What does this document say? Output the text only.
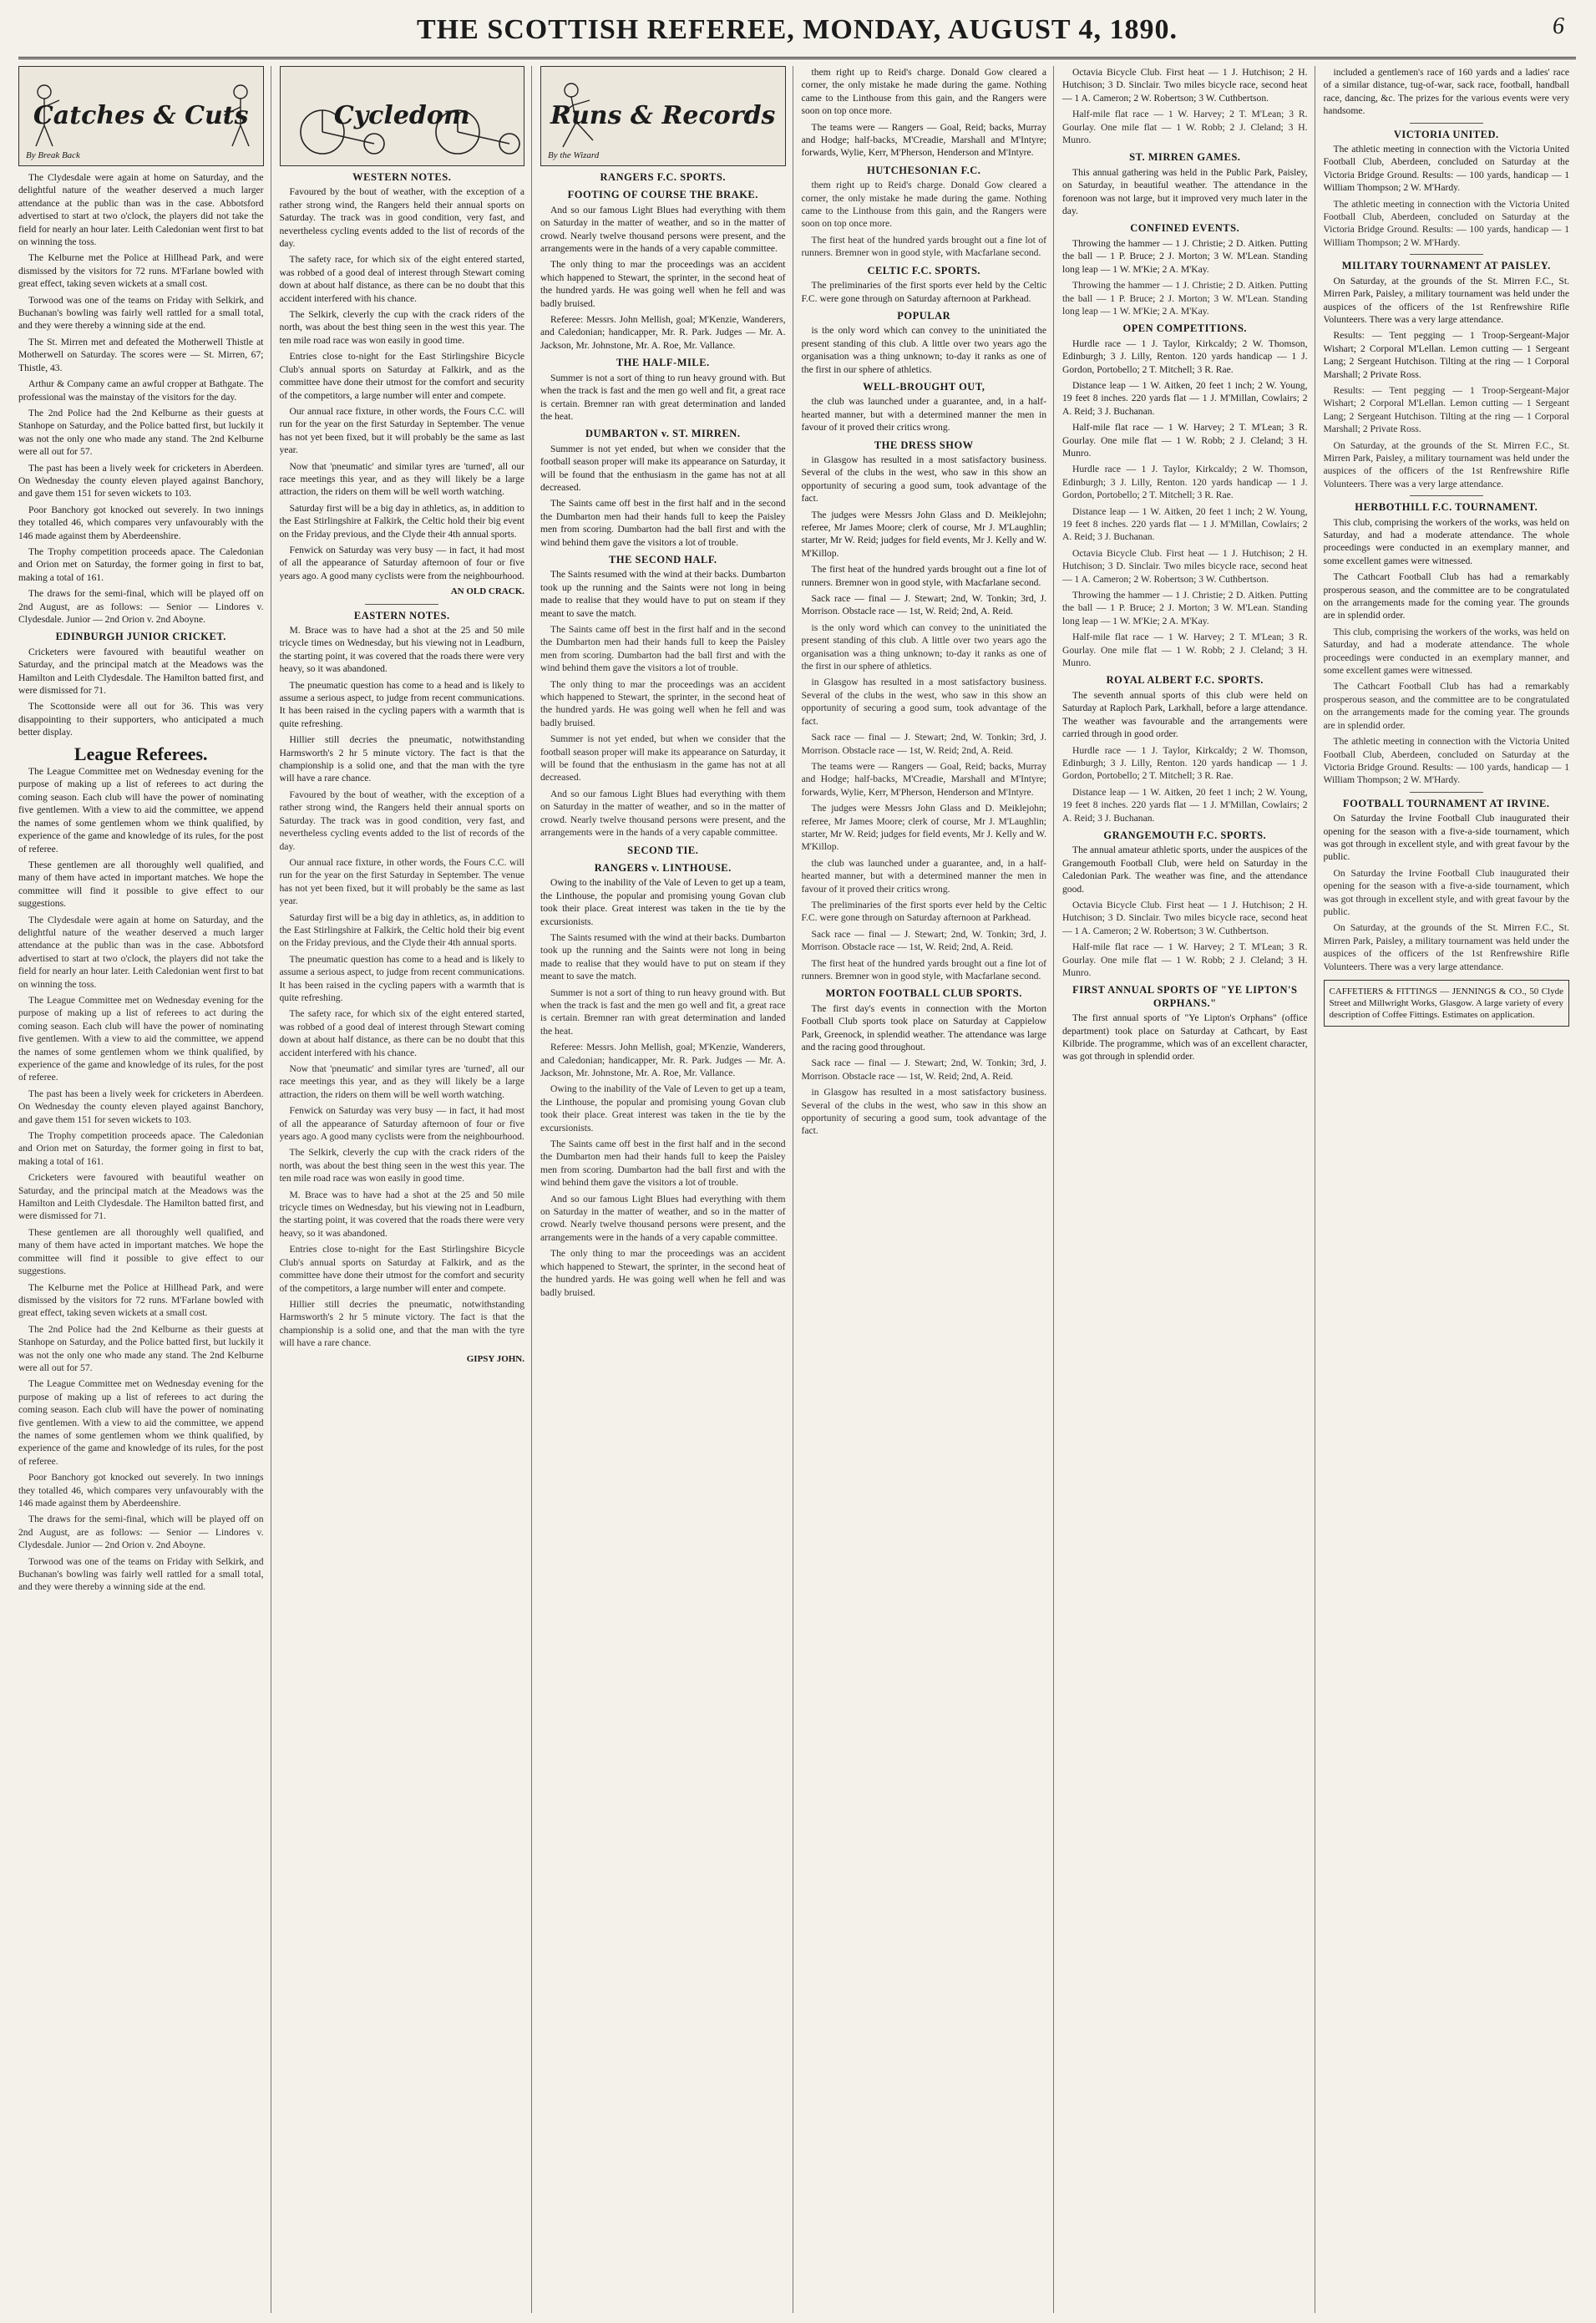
THE SCOTTISH REFEREE, MONDAY, AUGUST 4, 1890.	6
Catches & Cuts
By Break Back

The Clydesdale were again at home on Saturday, and the delightful nature of the weather deserved a much larger attendance at the public than was in the case. Abbotsford advertised to start at two o'clock, the players did not take the field for nearly an hour later. Leith Caledonian went first to bat on winning the toss.

The Kelburne met the Police at Hillhead Park, and were dismissed by the visitors for 72 runs. M'Farlane bowled with great effect, taking seven wickets at a small cost.

Torwood was one of the teams on Friday with Selkirk, and Buchanan's bowling was fairly well rattled for a small total, and they were thereby a winning side at the end.

The St. Mirren met and defeated the Motherwell Thistle at Motherwell on Saturday. The scores were — St. Mirren, 67; Thistle, 43.

Arthur & Company came an awful cropper at Bathgate. The professional was the mainstay of the visitors for the day.

The 2nd Police had the 2nd Kelburne as their guests at Stanhope on Saturday, and the Police batted first, but luckily it was not the only one who made any stand. The 2nd Kelburne were all out for 57.

The past has been a lively week for cricketers in Aberdeen. On Wednesday the county eleven played against Banchory, and gave them 151 for seven wickets to 103.

Poor Banchory got knocked out severely. In two innings they totalled 46, which compares very unfavourably with the 146 made against them by Aberdeenshire.

The Trophy competition proceeds apace. The Caledonian and Orion met on Saturday, the former going in first to bat, making a total of 161.

The draws for the semi-final, which will be played off on 2nd August, are as follows: — Senior — Lindores v. Clydesdale. Junior — 2nd Orion v. 2nd Aboyne.

EDINBURGH JUNIOR CRICKET.

Cricketers were favoured with beautiful weather on Saturday, and the principal match at the Meadows was the Hamilton and Leith Clydesdale. The Hamilton batted first, and were dismissed for 71.

The Scottonside were all out for 36. This was very disappointing to their supporters, who anticipated a much better display.

League Referees.

The League Committee met on Wednesday evening for the purpose of making up a list of referees to act during the coming season. Each club will have the power of nominating five gentlemen. With a view to aid the committee, we append the names of some gentlemen whom we think qualified, by experience of the game and knowledge of its rules, for the post of referee.

These gentlemen are all thoroughly well qualified, and many of them have acted in important matches. We hope the committee will find it possible to give effect to our suggestions.

The Clydesdale were again at home on Saturday, and the delightful nature of the weather deserved a much larger attendance at the public than was in the case. Abbotsford advertised to start at two o'clock, the players did not take the field for nearly an hour later. Leith Caledonian went first to bat on winning the toss.

The League Committee met on Wednesday evening for the purpose of making up a list of referees to act during the coming season. Each club will have the power of nominating five gentlemen. With a view to aid the committee, we append the names of some gentlemen whom we think qualified, by experience of the game and knowledge of its rules, for the post of referee.

The past has been a lively week for cricketers in Aberdeen. On Wednesday the county eleven played against Banchory, and gave them 151 for seven wickets to 103.

The Trophy competition proceeds apace. The Caledonian and Orion met on Saturday, the former going in first to bat, making a total of 161.

Cricketers were favoured with beautiful weather on Saturday, and the principal match at the Meadows was the Hamilton and Leith Clydesdale. The Hamilton batted first, and were dismissed for 71.

These gentlemen are all thoroughly well qualified, and many of them have acted in important matches. We hope the committee will find it possible to give effect to our suggestions.

The Kelburne met the Police at Hillhead Park, and were dismissed by the visitors for 72 runs. M'Farlane bowled with great effect, taking seven wickets at a small cost.

The 2nd Police had the 2nd Kelburne as their guests at Stanhope on Saturday, and the Police batted first, but luckily it was not the only one who made any stand. The 2nd Kelburne were all out for 57.

The League Committee met on Wednesday evening for the purpose of making up a list of referees to act during the coming season. Each club will have the power of nominating five gentlemen. With a view to aid the committee, we append the names of some gentlemen whom we think qualified, by experience of the game and knowledge of its rules, for the post of referee.

Poor Banchory got knocked out severely. In two innings they totalled 46, which compares very unfavourably with the 146 made against them by Aberdeenshire.

The draws for the semi-final, which will be played off on 2nd August, are as follows: — Senior — Lindores v. Clydesdale. Junior — 2nd Orion v. 2nd Aboyne.

Torwood was one of the teams on Friday with Selkirk, and Buchanan's bowling was fairly well rattled for a small total, and they were thereby a winning side at the end.

Cycledom
WESTERN NOTES.

Favoured by the bout of weather, with the exception of a rather strong wind, the Rangers held their annual sports on Saturday. The track was in good condition, very fast, and nevertheless cycling events added to the list of records of the day.

The safety race, for which six of the eight entered started, was robbed of a good deal of interest through Stewart coming down at about half distance, as there can be no doubt that this accident interfered with his chance.

The Selkirk, cleverly the cup with the crack riders of the north, was about the best thing seen in the west this year. The ten mile road race was won easily in good time.

Entries close to-night for the East Stirlingshire Bicycle Club's annual sports on Saturday at Falkirk, and as the committee have done their utmost for the comfort and security of the competitors, a large number will enter and compete.

Our annual race fixture, in other words, the Fours C.C. will run for the year on the first Saturday in September. The venue has not yet been fixed, but it will probably be the same as last year.

Now that 'pneumatic' and similar tyres are 'turned', all our race meetings this year, and as they will likely be a large attraction, the riders on them will be well worth watching.

Saturday first will be a big day in athletics, as, in addition to the East Stirlingshire at Falkirk, the Celtic hold their big event on the Friday previous, and the Clyde their 4th annual sports.

Fenwick on Saturday was very busy — in fact, it had most of all the appearance of Saturday afternoon of four or five years ago. A good many cyclists were from the neighbourhood.

AN OLD CRACK.
EASTERN NOTES.

M. Brace was to have had a shot at the 25 and 50 mile tricycle times on Wednesday, but his viewing not in Leadburn, the starting point, it was covered that the roads there were very heavy, so it was abandoned.

The pneumatic question has come to a head and is likely to assume a serious aspect, to judge from recent communications. It has been raised in the cycling papers with a warmth that is quite refreshing.

Hillier still decries the pneumatic, notwithstanding Harmsworth's 2 hr 5 minute victory. The fact is that the championship is a solid one, and that the man with the tyre will have a rare chance.

Favoured by the bout of weather, with the exception of a rather strong wind, the Rangers held their annual sports on Saturday. The track was in good condition, very fast, and nevertheless cycling events added to the list of records of the day.

Our annual race fixture, in other words, the Fours C.C. will run for the year on the first Saturday in September. The venue has not yet been fixed, but it will probably be the same as last year.

Saturday first will be a big day in athletics, as, in addition to the East Stirlingshire at Falkirk, the Celtic hold their big event on the Friday previous, and the Clyde their 4th annual sports.

The pneumatic question has come to a head and is likely to assume a serious aspect, to judge from recent communications. It has been raised in the cycling papers with a warmth that is quite refreshing.

The safety race, for which six of the eight entered started, was robbed of a good deal of interest through Stewart coming down at about half distance, as there can be no doubt that this accident interfered with his chance.

Now that 'pneumatic' and similar tyres are 'turned', all our race meetings this year, and as they will likely be a large attraction, the riders on them will be well worth watching.

Fenwick on Saturday was very busy — in fact, it had most of all the appearance of Saturday afternoon of four or five years ago. A good many cyclists were from the neighbourhood.

The Selkirk, cleverly the cup with the crack riders of the north, was about the best thing seen in the west this year. The ten mile road race was won easily in good time.

M. Brace was to have had a shot at the 25 and 50 mile tricycle times on Wednesday, but his viewing not in Leadburn, the starting point, it was covered that the roads there were very heavy, so it was abandoned.

Entries close to-night for the East Stirlingshire Bicycle Club's annual sports on Saturday at Falkirk, and as the committee have done their utmost for the comfort and security of the competitors, a large number will enter and compete.

Hillier still decries the pneumatic, notwithstanding Harmsworth's 2 hr 5 minute victory. The fact is that the championship is a solid one, and that the man with the tyre will have a rare chance.

GIPSY JOHN.
Runs & Records
By the Wizard
RANGERS F.C. SPORTS.
FOOTING OF COURSE THE BRAKE.

And so our famous Light Blues had everything with them on Saturday in the matter of weather, and so in the matter of crowd. Nearly twelve thousand persons were present, and the arrangements were in the hands of a very capable committee.

The only thing to mar the proceedings was an accident which happened to Stewart, the sprinter, in the second heat of the hundred yards. He was going well when he fell and was badly bruised.

Referee: Messrs. John Mellish, goal; M'Kenzie, Wanderers, and Caledonian; handicapper, Mr. R. Park. Judges — Mr. A. Jackson, Mr. Johnstone, Mr. A. Roe, Mr. Vallance.

THE HALF-MILE.

Summer is not a sort of thing to run heavy ground with. But when the track is fast and the men go well and fit, a great race is certain. Bremner ran with great determination and landed the heat.

DUMBARTON v. ST. MIRREN.

Summer is not yet ended, but when we consider that the football season proper will make its appearance on Saturday, it will be found that the enthusiasm in the game has not at all decreased.

The Saints came off best in the first half and in the second the Dumbarton men had their hands full to keep the Paisley men from scoring. Dumbarton had the ball first and with the wind behind them gave the visitors a lot of trouble.

THE SECOND HALF.

The Saints resumed with the wind at their backs. Dumbarton took up the running and the Saints were not long in being made to realise that they would have to put on steam if they meant to save the match.

The Saints came off best in the first half and in the second the Dumbarton men had their hands full to keep the Paisley men from scoring. Dumbarton had the ball first and with the wind behind them gave the visitors a lot of trouble.

The only thing to mar the proceedings was an accident which happened to Stewart, the sprinter, in the second heat of the hundred yards. He was going well when he fell and was badly bruised.

Summer is not yet ended, but when we consider that the football season proper will make its appearance on Saturday, it will be found that the enthusiasm in the game has not at all decreased.

And so our famous Light Blues had everything with them on Saturday in the matter of weather, and so in the matter of crowd. Nearly twelve thousand persons were present, and the arrangements were in the hands of a very capable committee.

SECOND TIE.
RANGERS v. LINTHOUSE.

Owing to the inability of the Vale of Leven to get up a team, the Linthouse, the popular and promising young Govan club took their place. Great interest was taken in the tie by the excursionists.

The Saints resumed with the wind at their backs. Dumbarton took up the running and the Saints were not long in being made to realise that they would have to put on steam if they meant to save the match.

Summer is not a sort of thing to run heavy ground with. But when the track is fast and the men go well and fit, a great race is certain. Bremner ran with great determination and landed the heat.

Referee: Messrs. John Mellish, goal; M'Kenzie, Wanderers, and Caledonian; handicapper, Mr. R. Park. Judges — Mr. A. Jackson, Mr. Johnstone, Mr. A. Roe, Mr. Vallance.

Owing to the inability of the Vale of Leven to get up a team, the Linthouse, the popular and promising young Govan club took their place. Great interest was taken in the tie by the excursionists.

The Saints came off best in the first half and in the second the Dumbarton men had their hands full to keep the Paisley men from scoring. Dumbarton had the ball first and with the wind behind them gave the visitors a lot of trouble.

And so our famous Light Blues had everything with them on Saturday in the matter of weather, and so in the matter of crowd. Nearly twelve thousand persons were present, and the arrangements were in the hands of a very capable committee.

The only thing to mar the proceedings was an accident which happened to Stewart, the sprinter, in the second heat of the hundred yards. He was going well when he fell and was badly bruised.

them right up to Reid's charge. Donald Gow cleared a corner, the only mistake he made during the game. Nothing came to the Linthouse from this gain, and the Rangers were soon on top once more.

The teams were — Rangers — Goal, Reid; backs, Murray and Hodge; half-backs, M'Creadie, Marshall and M'Intyre; forwards, Wylie, Kerr, M'Pherson, Henderson and M'Intyre.

HUTCHESONIAN F.C.

them right up to Reid's charge. Donald Gow cleared a corner, the only mistake he made during the game. Nothing came to the Linthouse from this gain, and the Rangers were soon on top once more.

The first heat of the hundred yards brought out a fine lot of runners. Bremner won in good style, with Macfarlane second.

CELTIC F.C. SPORTS.

The preliminaries of the first sports ever held by the Celtic F.C. were gone through on Saturday afternoon at Parkhead.

POPULAR

is the only word which can convey to the uninitiated the present standing of this club. A little over two years ago the organisation was a thing unknown; to-day it ranks as one of the first in our sphere of athletics.

WELL-BROUGHT OUT,

the club was launched under a guarantee, and, in a half-hearted manner, but with a determined manner the men in favour of it proved their critics wrong.

THE DRESS SHOW

in Glasgow has resulted in a most satisfactory business. Several of the clubs in the west, who saw in this show an opportunity of securing a good sum, took advantage of the fact.

The judges were Messrs John Glass and D. Meiklejohn; referee, Mr James Moore; clerk of course, Mr J. M'Laughlin; starter, Mr W. Reid; judges for field events, Mr J. Kelly and W. M'Killop.

The first heat of the hundred yards brought out a fine lot of runners. Bremner won in good style, with Macfarlane second.

Sack race — final — J. Stewart; 2nd, W. Tonkin; 3rd, J. Morrison. Obstacle race — 1st, W. Reid; 2nd, A. Reid.

is the only word which can convey to the uninitiated the present standing of this club. A little over two years ago the organisation was a thing unknown; to-day it ranks as one of the first in our sphere of athletics.

in Glasgow has resulted in a most satisfactory business. Several of the clubs in the west, who saw in this show an opportunity of securing a good sum, took advantage of the fact.

Sack race — final — J. Stewart; 2nd, W. Tonkin; 3rd, J. Morrison. Obstacle race — 1st, W. Reid; 2nd, A. Reid.

The teams were — Rangers — Goal, Reid; backs, Murray and Hodge; half-backs, M'Creadie, Marshall and M'Intyre; forwards, Wylie, Kerr, M'Pherson, Henderson and M'Intyre.

The judges were Messrs John Glass and D. Meiklejohn; referee, Mr James Moore; clerk of course, Mr J. M'Laughlin; starter, Mr W. Reid; judges for field events, Mr J. Kelly and W. M'Killop.

the club was launched under a guarantee, and, in a half-hearted manner, but with a determined manner the men in favour of it proved their critics wrong.

The preliminaries of the first sports ever held by the Celtic F.C. were gone through on Saturday afternoon at Parkhead.

Sack race — final — J. Stewart; 2nd, W. Tonkin; 3rd, J. Morrison. Obstacle race — 1st, W. Reid; 2nd, A. Reid.

The first heat of the hundred yards brought out a fine lot of runners. Bremner won in good style, with Macfarlane second.

MORTON FOOTBALL CLUB SPORTS.

The first day's events in connection with the Morton Football Club sports took place on Saturday at Cappielow Park, Greenock, in splendid weather. The attendance was large and the racing good throughout.

Sack race — final — J. Stewart; 2nd, W. Tonkin; 3rd, J. Morrison. Obstacle race — 1st, W. Reid; 2nd, A. Reid.

in Glasgow has resulted in a most satisfactory business. Several of the clubs in the west, who saw in this show an opportunity of securing a good sum, took advantage of the fact.

Octavia Bicycle Club. First heat — 1 J. Hutchison; 2 H. Hutchison; 3 D. Sinclair. Two miles bicycle race, second heat — 1 A. Cameron; 2 W. Robertson; 3 W. Cuthbertson.

Half-mile flat race — 1 W. Harvey; 2 T. M'Lean; 3 R. Gourlay. One mile flat — 1 W. Robb; 2 J. Cleland; 3 H. Munro.

ST. MIRREN GAMES.

This annual gathering was held in the Public Park, Paisley, on Saturday, in beautiful weather. The attendance in the forenoon was not large, but it improved very much later in the day.

CONFINED EVENTS.

Throwing the hammer — 1 J. Christie; 2 D. Aitken. Putting the ball — 1 P. Bruce; 2 J. Morton; 3 W. M'Lean. Standing long leap — 1 W. M'Kie; 2 A. M'Kay.

Throwing the hammer — 1 J. Christie; 2 D. Aitken. Putting the ball — 1 P. Bruce; 2 J. Morton; 3 W. M'Lean. Standing long leap — 1 W. M'Kie; 2 A. M'Kay.

OPEN COMPETITIONS.

Hurdle race — 1 J. Taylor, Kirkcaldy; 2 W. Thomson, Edinburgh; 3 J. Lilly, Renton. 120 yards handicap — 1 J. Gordon, Portobello; 2 T. Mitchell; 3 R. Rae.

Distance leap — 1 W. Aitken, 20 feet 1 inch; 2 W. Young, 19 feet 8 inches. 220 yards flat — 1 J. M'Millan, Cowlairs; 2 A. Reid; 3 J. Buchanan.

Half-mile flat race — 1 W. Harvey; 2 T. M'Lean; 3 R. Gourlay. One mile flat — 1 W. Robb; 2 J. Cleland; 3 H. Munro.

Hurdle race — 1 J. Taylor, Kirkcaldy; 2 W. Thomson, Edinburgh; 3 J. Lilly, Renton. 120 yards handicap — 1 J. Gordon, Portobello; 2 T. Mitchell; 3 R. Rae.

Distance leap — 1 W. Aitken, 20 feet 1 inch; 2 W. Young, 19 feet 8 inches. 220 yards flat — 1 J. M'Millan, Cowlairs; 2 A. Reid; 3 J. Buchanan.

Octavia Bicycle Club. First heat — 1 J. Hutchison; 2 H. Hutchison; 3 D. Sinclair. Two miles bicycle race, second heat — 1 A. Cameron; 2 W. Robertson; 3 W. Cuthbertson.

Throwing the hammer — 1 J. Christie; 2 D. Aitken. Putting the ball — 1 P. Bruce; 2 J. Morton; 3 W. M'Lean. Standing long leap — 1 W. M'Kie; 2 A. M'Kay.

Half-mile flat race — 1 W. Harvey; 2 T. M'Lean; 3 R. Gourlay. One mile flat — 1 W. Robb; 2 J. Cleland; 3 H. Munro.

ROYAL ALBERT F.C. SPORTS.

The seventh annual sports of this club were held on Saturday at Raploch Park, Larkhall, before a large attendance. The weather was favourable and the arrangements were carried through in good order.

Hurdle race — 1 J. Taylor, Kirkcaldy; 2 W. Thomson, Edinburgh; 3 J. Lilly, Renton. 120 yards handicap — 1 J. Gordon, Portobello; 2 T. Mitchell; 3 R. Rae.

Distance leap — 1 W. Aitken, 20 feet 1 inch; 2 W. Young, 19 feet 8 inches. 220 yards flat — 1 J. M'Millan, Cowlairs; 2 A. Reid; 3 J. Buchanan.

GRANGEMOUTH F.C. SPORTS.

The annual amateur athletic sports, under the auspices of the Grangemouth Football Club, were held on Saturday in the Caledonian Park. The weather was fine, and the attendance good.

Octavia Bicycle Club. First heat — 1 J. Hutchison; 2 H. Hutchison; 3 D. Sinclair. Two miles bicycle race, second heat — 1 A. Cameron; 2 W. Robertson; 3 W. Cuthbertson.

Half-mile flat race — 1 W. Harvey; 2 T. M'Lean; 3 R. Gourlay. One mile flat — 1 W. Robb; 2 J. Cleland; 3 H. Munro.

FIRST ANNUAL SPORTS OF "YE LIPTON'S ORPHANS."

The first annual sports of "Ye Lipton's Orphans" (office department) took place on Saturday at Cathcart, by East Kilbride. The programme, which was of an excellent character, was got through in splendid order.

included a gentlemen's race of 160 yards and a ladies' race of a similar distance, tug-of-war, sack race, football, handball race, dancing, &c. The prizes for the various events were very handsome.

VICTORIA UNITED.

The athletic meeting in connection with the Victoria United Football Club, Aberdeen, concluded on Saturday at the Victoria Bridge Ground. Results: — 100 yards, handicap — 1 William Thompson; 2 W. M'Hardy.

The athletic meeting in connection with the Victoria United Football Club, Aberdeen, concluded on Saturday at the Victoria Bridge Ground. Results: — 100 yards, handicap — 1 William Thompson; 2 W. M'Hardy.

MILITARY TOURNAMENT AT PAISLEY.

On Saturday, at the grounds of the St. Mirren F.C., St. Mirren Park, Paisley, a military tournament was held under the auspices of the officers of the 1st Renfrewshire Rifle Volunteers. There was a very large attendance.

Results: — Tent pegging — 1 Troop-Sergeant-Major Wishart; 2 Corporal M'Lellan. Lemon cutting — 1 Sergeant Lang; 2 Sergeant Hutchison. Tilting at the ring — 1 Corporal Marshall; 2 Private Ross.

Results: — Tent pegging — 1 Troop-Sergeant-Major Wishart; 2 Corporal M'Lellan. Lemon cutting — 1 Sergeant Lang; 2 Sergeant Hutchison. Tilting at the ring — 1 Corporal Marshall; 2 Private Ross.

On Saturday, at the grounds of the St. Mirren F.C., St. Mirren Park, Paisley, a military tournament was held under the auspices of the officers of the 1st Renfrewshire Rifle Volunteers. There was a very large attendance.

HERBOTHILL F.C. TOURNAMENT.

This club, comprising the workers of the works, was held on Saturday, and had a moderate attendance. The whole proceedings were conducted in an exemplary manner, and some excellent games were witnessed.

The Cathcart Football Club has had a remarkably prosperous season, and the committee are to be congratulated on the arrangements made for the coming year. The grounds are in splendid order.

This club, comprising the workers of the works, was held on Saturday, and had a moderate attendance. The whole proceedings were conducted in an exemplary manner, and some excellent games were witnessed.

The Cathcart Football Club has had a remarkably prosperous season, and the committee are to be congratulated on the arrangements made for the coming year. The grounds are in splendid order.

The athletic meeting in connection with the Victoria United Football Club, Aberdeen, concluded on Saturday at the Victoria Bridge Ground. Results: — 100 yards, handicap — 1 William Thompson; 2 W. M'Hardy.

FOOTBALL TOURNAMENT AT IRVINE.

On Saturday the Irvine Football Club inaugurated their opening for the season with a five-a-side tournament, which was got through in excellent style, and with great favour by the public.

On Saturday the Irvine Football Club inaugurated their opening for the season with a five-a-side tournament, which was got through in excellent style, and with great favour by the public.

On Saturday, at the grounds of the St. Mirren F.C., St. Mirren Park, Paisley, a military tournament was held under the auspices of the officers of the 1st Renfrewshire Rifle Volunteers. There was a very large attendance.

CAFFETIERS & FITTINGS — JENNINGS & CO., 50 Clyde Street and Millwright Works, Glasgow. A large variety of every description of Coffee Fittings. Estimates on application.
